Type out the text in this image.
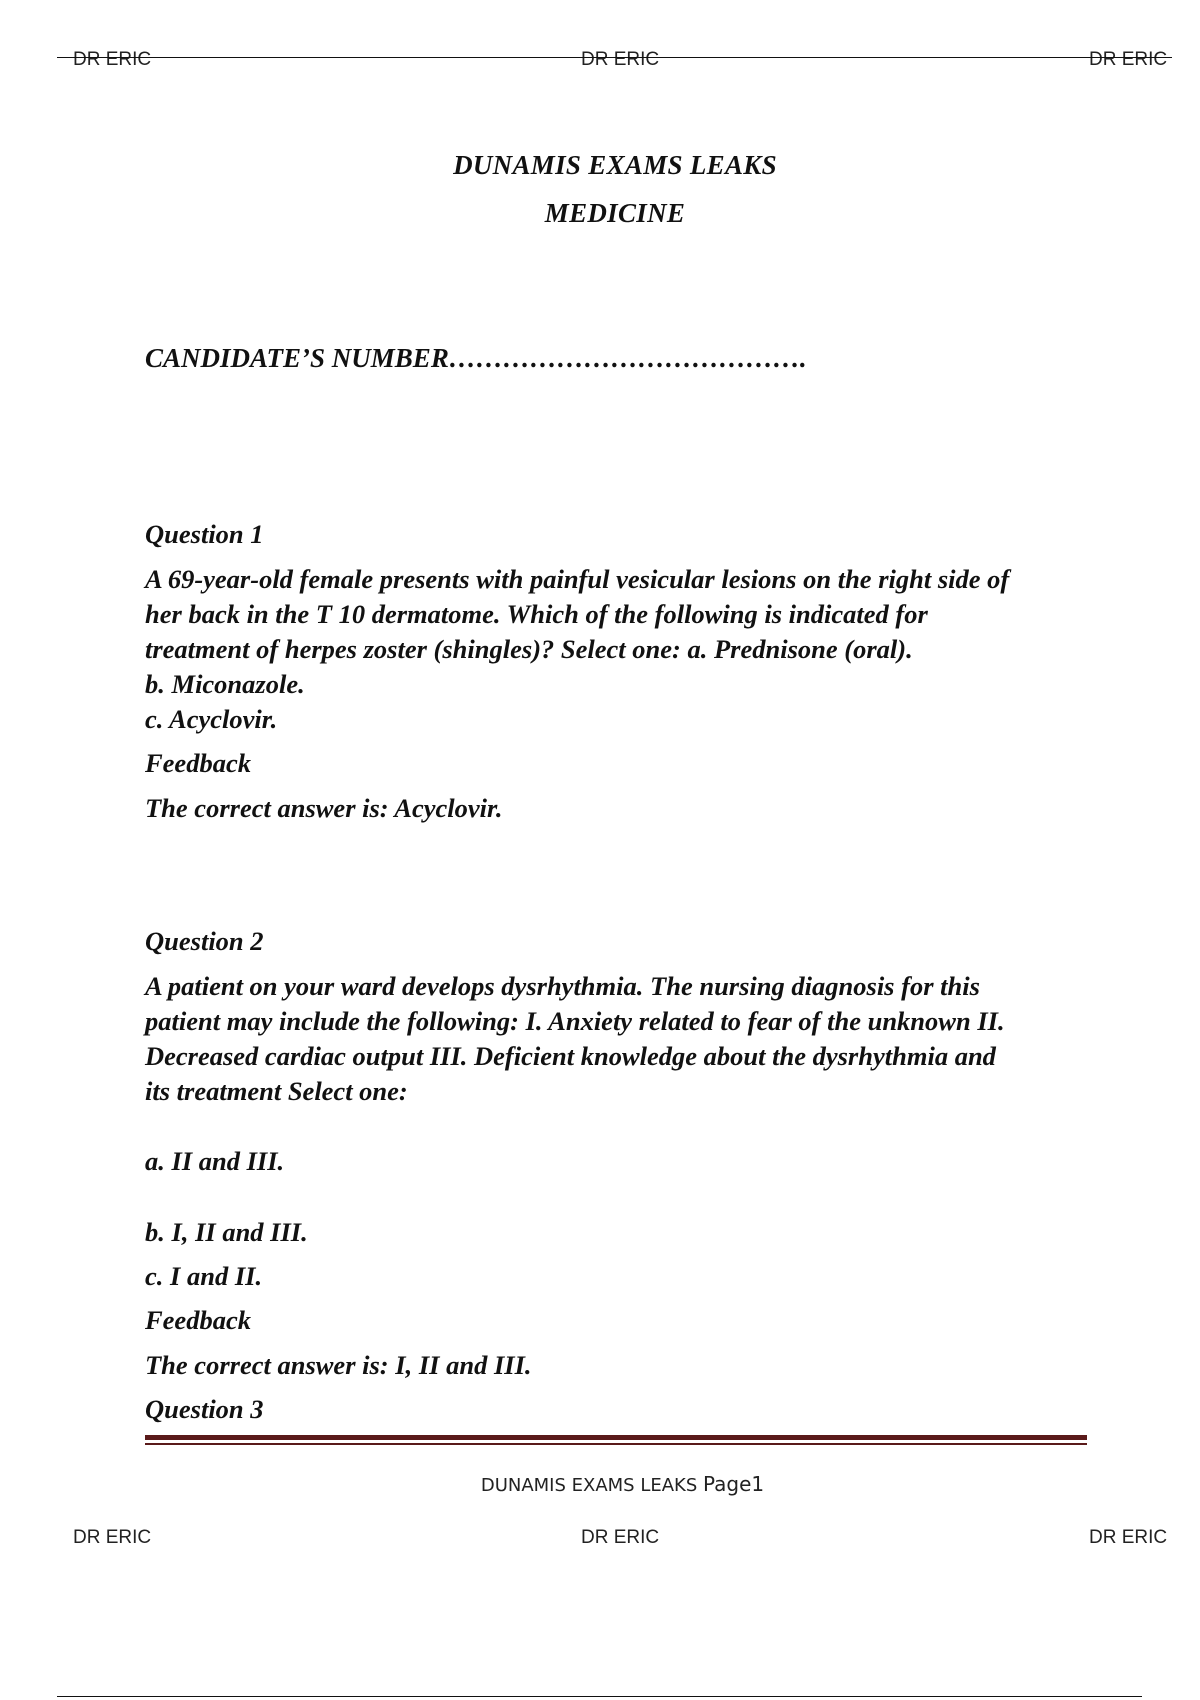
DR ERIC	DR ERIC	DR ERIC
DUNAMIS EXAMS LEAKS
MEDICINE
CANDIDATE’S NUMBER………………………………….
Question 1
A 69-year-old female presents with painful vesicular lesions on the right side of
her back in the T 10 dermatome. Which of the following is indicated for
treatment of herpes zoster (shingles)? Select one: a. Prednisone (oral).
b. Miconazole.
c. Acyclovir.
Feedback
The correct answer is: Acyclovir.
Question 2
A patient on your ward develops dysrhythmia. The nursing diagnosis for this
patient may include the following: I. Anxiety related to fear of the unknown II.
Decreased cardiac output III. Deficient knowledge about the dysrhythmia and
its treatment Select one:
a. II and III.
b. I, II and III.
c. I and II.
Feedback
The correct answer is: I, II and III.
Question 3
DUNAMIS EXAMS LEAKS Page1
DR ERIC	DR ERIC	DR ERIC
